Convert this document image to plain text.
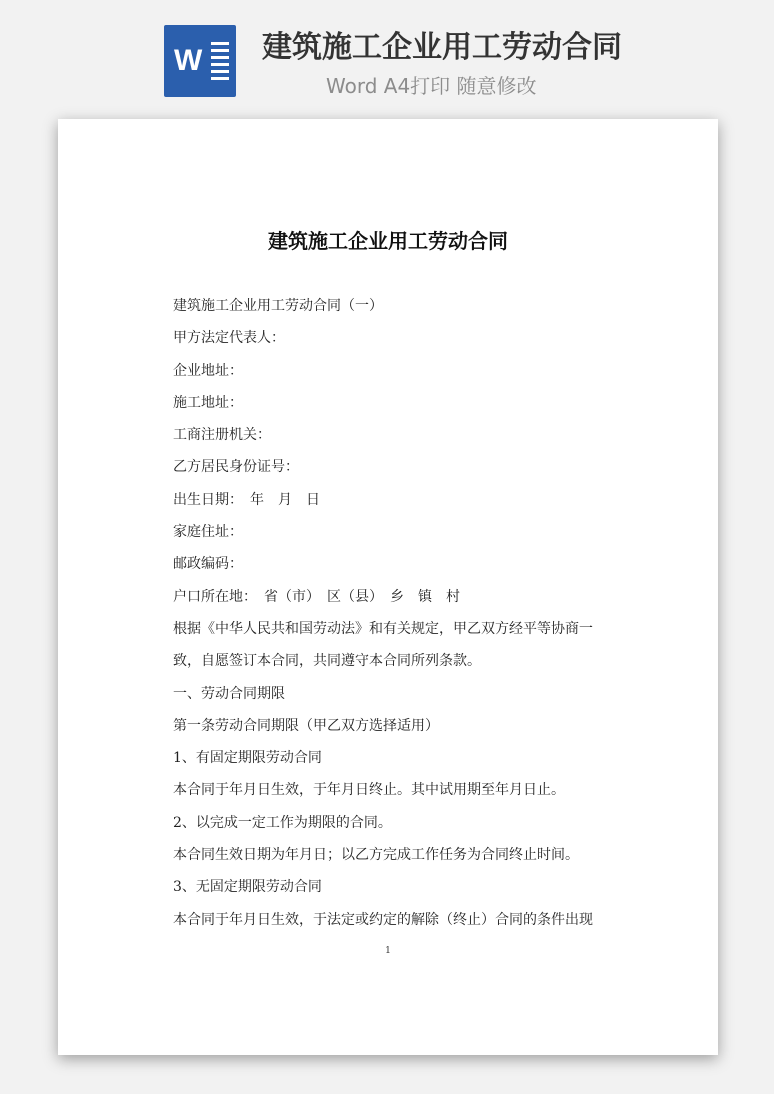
W 建筑施工企业用工劳动合同
Word A4打印 随意修改
建筑施工企业用工劳动合同
建筑施工企业用工劳动合同（一）
甲方法定代表人：
企业地址：
施工地址：
工商注册机关：
乙方居民身份证号：
出生日期：　年　月　日
家庭住址：
邮政编码：
户口所在地：　省（市）　区（县）　乡　镇　村
根据《中华人民共和国劳动法》和有关规定，甲乙双方经平等协商一
致，自愿签订本合同，共同遵守本合同所列条款。
一、劳动合同期限
第一条劳动合同期限（甲乙双方选择适用）
1、有固定期限劳动合同
本合同于年月日生效，于年月日终止。其中试用期至年月日止。
2、以完成一定工作为期限的合同。
本合同生效日期为年月日；以乙方完成工作任务为合同终止时间。
3、无固定期限劳动合同
本合同于年月日生效，于法定或约定的解除（终止）合同的条件出现
1
